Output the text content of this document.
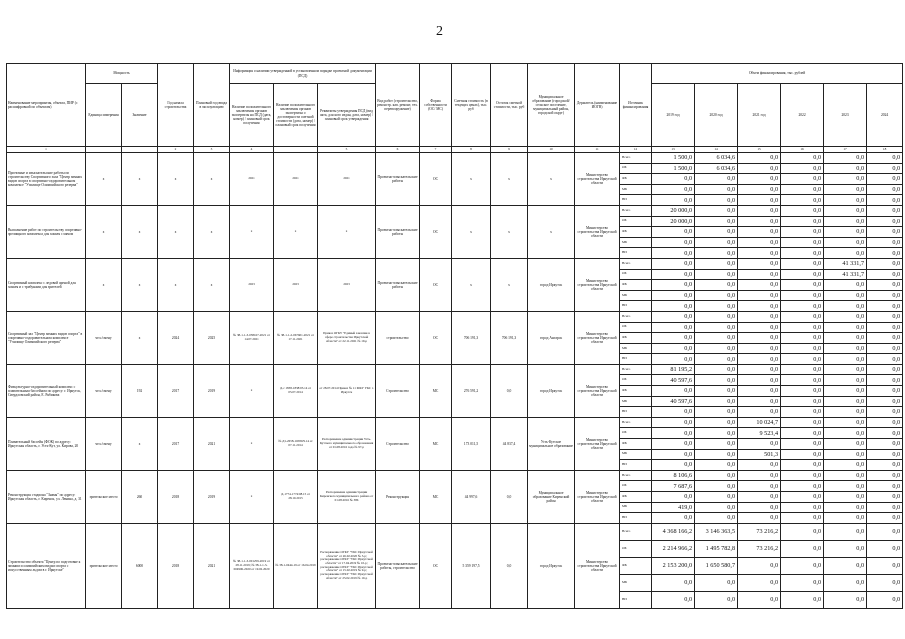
2
Наименование мероприятия, объекта, ПИР (с расшифровкой по объектам)	Мощность		Год начала строительства	Плановый год ввода в эксплуатацию	Информация о наличии утвержденной в установленном порядке проектной документации (ПСД)			Вид работ (строительство, реконстр. кап. ремонт, тех. перевооружение)	Форма собственности (ОС/ МС)	Сметная стоимость (в текущих ценах), тыс. руб	Остаток сметной стоимости, тыс. руб	Муниципальное образование (городской/сельское поселение, муниципальный район, городской округ)	Держатель (наименование ИОГВ)	Источник финансирования	Объем финансирования, тыс. рублей					
	Единица измерения	Значение			Наличие положительного заключения органов экспертизы на ПСД (дата, номер) / плановый срок получения	Наличие положительного заключения органов экспертизы о достоверности сметной стоимости (дата, номер) / плановый срок получения	Реквизиты утверждения ПСД (вид акта, для кого издан, дата, номер) / плановый срок утверждения								2019 год	2020 год	2021 год	2022	2023	2024
1			2	3	4		5	6	7	8	9	10	11	12	13	14	15	16	17	18
Проектные и изыскательские работы по строительству Спортивного зала "Центр зимних видов спорта в спортивно-оздоровительном комплексе "Училище Олимпийского резерва"	х	х	х	х	2021	2021	2021	Проектно-изыскательские работы	ОС	х	х	х	Министерство строительства Иркутской области	Всего	1 500,0	6 034,6	0,0	0,0	0,0	0,0
														ОБ	1 500,0	6 034,6	0,0	0,0	0,0	0,0
														ФБ	0,0	0,0	0,0	0,0	0,0	0,0
														МБ	0,0	0,0	0,0	0,0	0,0	0,0
														ВИ	0,0	0,0	0,0	0,0	0,0	0,0
Выполнение работ по строительству спортивно-зрелищного комплекса для хоккея с мячом	х	х	х	х	х	х	х	Проектно-изыскательские работы	ОС	х	х	х	Министерство строительства Иркутской области	Всего	20 000,0	0,0	0,0	0,0	0,0	0,0
														ОБ	20 000,0	0,0	0,0	0,0	0,0	0,0
														ФБ	0,0	0,0	0,0	0,0	0,0	0,0
														МБ	0,0	0,0	0,0	0,0	0,0	0,0
														ВИ	0,0	0,0	0,0	0,0	0,0	0,0
Спортивный комплекс с ледовой ареной для хоккея и с трибунами для зрителей	х	х	х	х	2023	2023	2023	Проектно-изыскательские работы	ОС	х	х	город Иркутск	Министерство строительства Иркутской области	Всего	0,0	0,0	0,0	0,0	41 331,7	0,0
														ОБ	0,0	0,0	0,0	0,0	41 331,7	0,0
														ФБ	0,0	0,0	0,0	0,0	0,0	0,0
														МБ	0,0	0,0	0,0	0,0	0,0	0,0
														ВИ	0,0	0,0	0,0	0,0	0,0	0,0
Спортивный зал "Центр зимних видов спорта" в спортивно-оздоровительном комплексе "Училище Олимпийского резерва"	чел./смену	х	2024	2025	№ 38-1-1-3-038167-2021 от 14.07.2021	№ 38-1-1-2-067601-2021 от 17.11.2021	Приказ ОГКУ "Единый заказчик в сфере строительства Иркутской области" от 22.11.2021 № 19-р	строительство	ОС	706 191,3	706 191,3	город Ангарск	Министерство строительства Иркутской области	Всего	0,0	0,0	0,0	0,0	0,0	0,0
														ОБ	0,0	0,0	0,0	0,0	0,0	0,0
														ФБ	0,0	0,0	0,0	0,0	0,0	0,0
														МБ	0,0	0,0	0,0	0,0	0,0	0,0
														ВИ	0,0	0,0	0,0	0,0	0,0	0,0
Физкультурно-оздоровительный комплекс с плавательным бассейном по адресу: г. Иркутск, Свердловский район, Е. Рябиковa	чел./смену	192	2017	2019	х	Д-с 1838-1838/03.14 от 05.07.2014	от 28.07.2014 Приказ № 11 МКУ УКС г. Иркутск	Строительство	МС	276 591,2	0,0	город Иркутск	Министерство строительства Иркутской области	Всего	81 195,2	0,0	0,0	0,0	0,0	0,0
														ОБ	40 597,6	0,0	0,0	0,0	0,0	0,0
														ФБ	0,0	0,0	0,0	0,0	0,0	0,0
														МБ	40 597,6	0,0	0,0	0,0	0,0	0,0
														ВИ	0,0	0,0	0,0	0,0	0,0	0,0
Плавательный бассейн (ФОК) по адресу: Иркутская область, г. Усть-Кут, ул. Кирова, 20	чел./смену	х	2017	2021	х	№ Д1-2658-16580/9.14 от 07.11.2014	Распоряжение администрации Усть-Кутского муниципального образования от 01.08.2016 года № 97-р	Строительство	МС	173 011,5	44 837,4	Усть-Кутское муниципальное образование	Министерство строительства Иркутской области	Всего	0,0	0,0	10 024,7	0,0	0,0	0,0
														ОБ	0,0	0,0	9 523,4	0,0	0,0	0,0
														ФБ	0,0	0,0	0,0	0,0	0,0	0,0
														МБ	0,0	0,0	501,3	0,0	0,0	0,0
														ВИ	0,0	0,0	0,0	0,0	0,0	0,0
Реконструкция стадиона "Знамя" по адресу: Иркутская область, г. Киренск, ул. Ленина, д. 31	зрительское место	260	2018	2019	х	Д-1774-1774/08.15 от 28.10.2015	Распоряжение администрации Киренского муниципального района от 01.08.2016 № 386	Реконструкция	МС	44 997,6	0,0	Муниципальное образование Киренский район	Министерство строительства Иркутской области	Всего	8 106,6	0,0	0,0	0,0	0,0	0,0
														ОБ	7 687,6	0,0	0,0	0,0	0,0	0,0
														ФБ	0,0	0,0	0,0	0,0	0,0	0,0
														МБ	419,0	0,0	0,0	0,0	0,0	0,0
														ВИ	0,0	0,0	0,0	0,0	0,0	0,0
Строительство объекта "Центр по подготовке к зимним и олимпийским видам спорта с искусственным льдом в г. Иркутске"	зрительское место	6000	2018	2021	№ 38-1-1-3-001259-2019 от 28.11.2019; № 38-1-1-3-004906-2020 от 19.02.2020	№ 38-1-0444-19 от 16.04.2019	Распоряжение ОГКУ "УКС Иркутской области" от 26.02.2020 № 3-р; распоряжение ОГКУ "УКС Иркутской области" от 17.04.2019 № 10-р; распоряжение ОГКУ "УКС Иркутской области" от 15.02.2019 № 9-р; распоряжение ОГКУ "УКС Иркутской области" от 25.02.2019 № 10-р	Проектно-изыскательские работы, строительство	ОС	5 359 197,5	0,0	город Иркутск	Министерство строительства Иркутской области	Всего	4 368 166,2	3 146 363,5	73 216,2	0,0	0,0	0,0
														ОБ	2 214 966,2	1 495 782,8	73 216,2	0,0	0,0	0,0
														ФБ	2 153 200,0	1 650 580,7	0,0	0,0	0,0	0,0
														МБ	0,0	0,0	0,0	0,0	0,0	0,0
														ВИ	0,0	0,0	0,0	0,0	0,0	0,0
